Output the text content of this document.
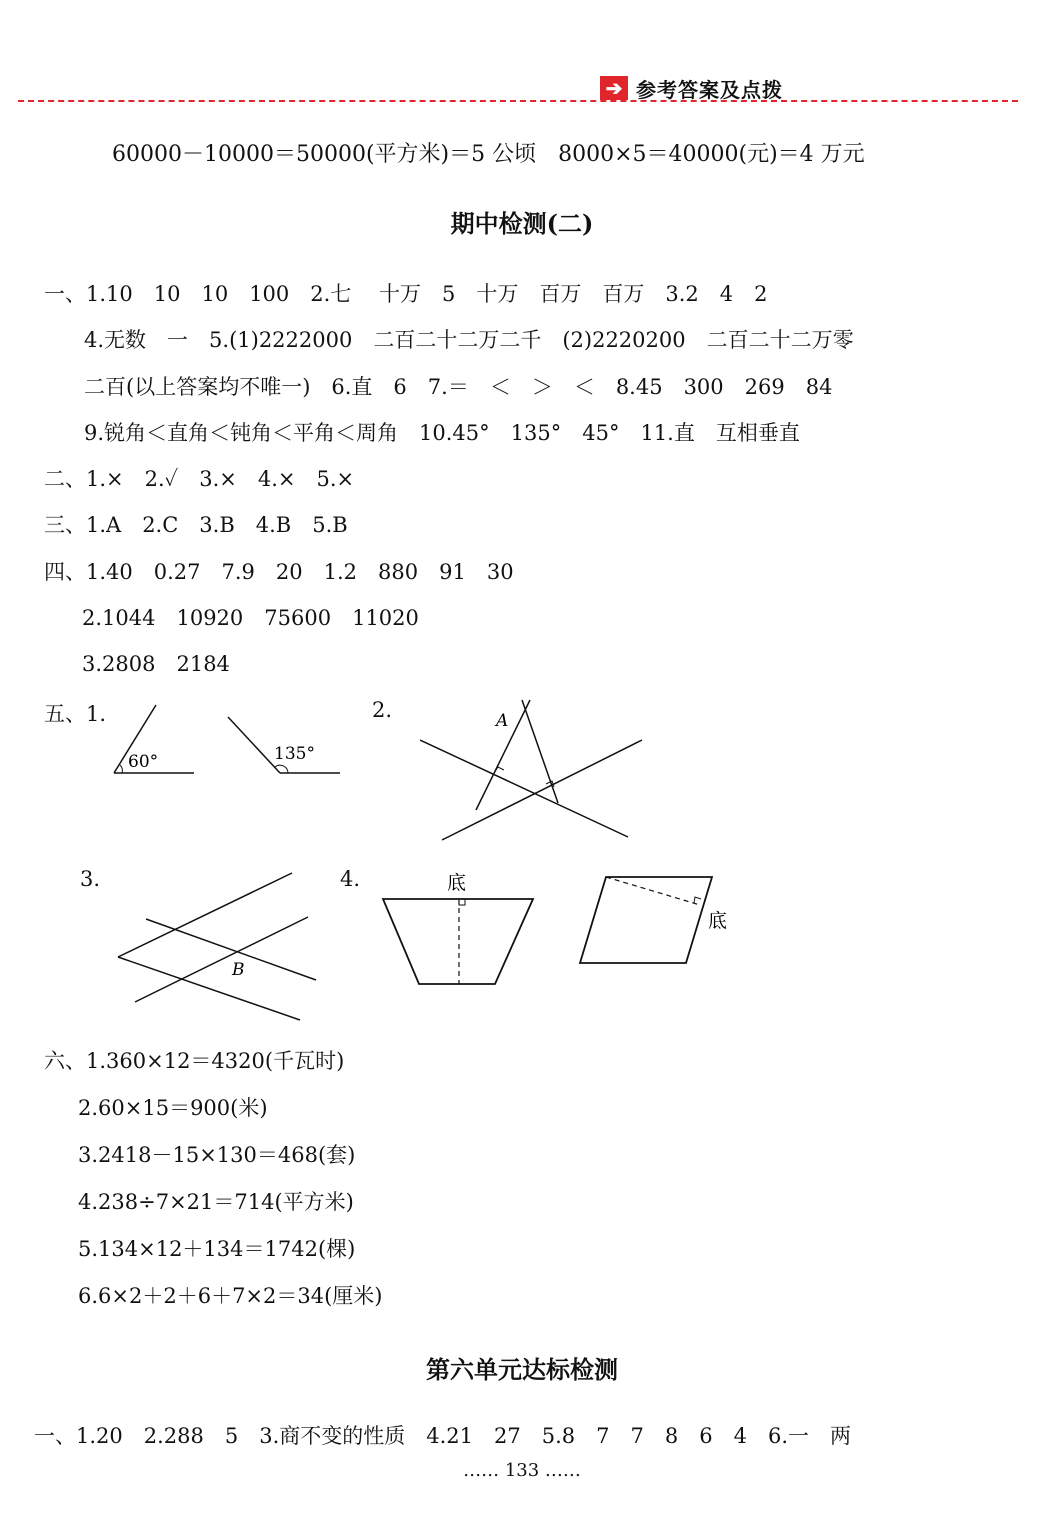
➔ 参考答案及点拨
60000－10000＝50000(平方米)＝5 公顷　8000×5＝40000(元)＝4 万元
期中检测(二)
一、1.10　10　10　100　2.七　 十万　5　十万　百万　百万　3.2　4　2
4.无数　一　5.(1)2222000　二百二十二万二千　(2)2220200　二百二十二万零
二百(以上答案均不唯一)　6.直　6　7.＝　＜　＞　＜　8.45　300　269　84
9.锐角＜直角＜钝角＜平角＜周角　10.45°　135°　45°　11.直　互相垂直
二、1.×　2.✓　3.×　4.×　5.×
三、1.A　2.C　3.B　4.B　5.B
四、1.40　0.27　7.9　20　1.2　880　91　30
2.1044　10920　75600　11020
3.2808　2184
五、1.	2.
3.	4.
60°	135°
A
B
底
底
六、1.360×12＝4320(千瓦时)
2.60×15＝900(米)
3.2418－15×130＝468(套)
4.238÷7×21＝714(平方米)
5.134×12＋134＝1742(棵)
6.6×2＋2＋6＋7×2＝34(厘米)
第六单元达标检测
一、1.20　2.288　5　3.商不变的性质　4.21　27　5.8　7　7　8　6　4　6.一　两
…… 133 ……
